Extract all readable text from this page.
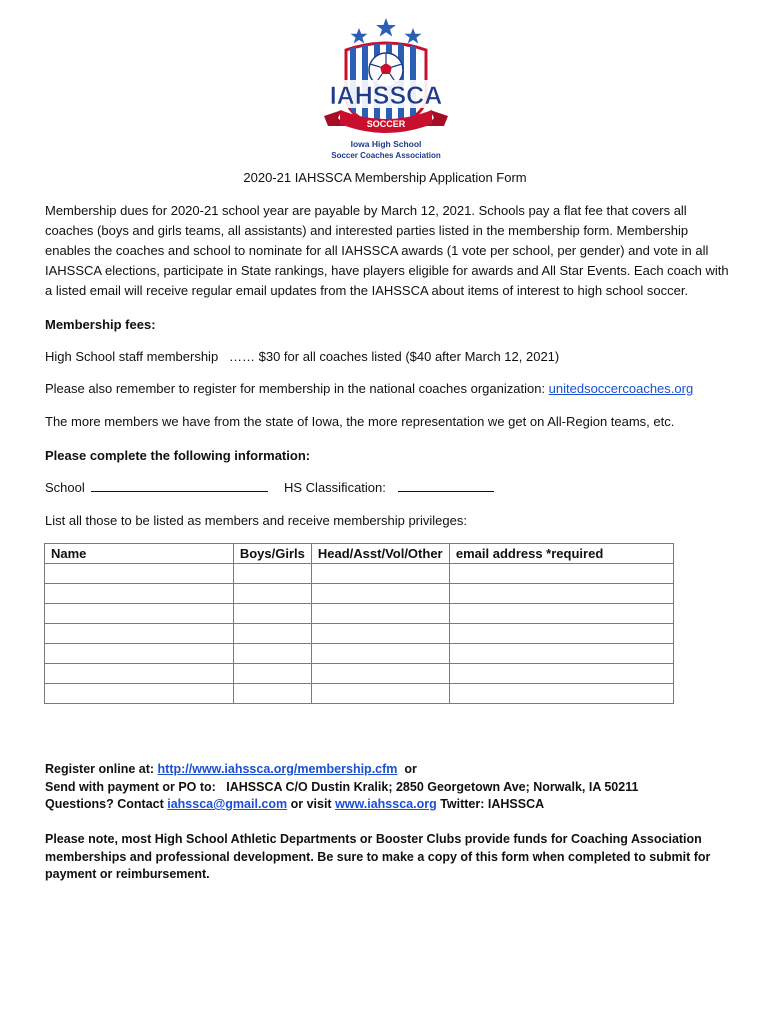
IAHSSCA
SOCCER
Iowa High School
Soccer Coaches Association
2020-21 IAHSSCA Membership Application Form

Membership dues for 2020-21 school year are payable by March 12, 2021. Schools pay a flat fee that covers all coaches (boys and girls teams, all assistants) and interested parties listed in the membership form. Membership enables the coaches and school to nominate for all IAHSSCA awards (1 vote per school, per gender) and vote in all IAHSSCA elections, participate in State rankings, have players eligible for awards and All Star Events. Each coach with a listed email will receive regular email updates from the IAHSSCA about items of interest to high school soccer.

Membership fees:

High School staff membership   …… $30 for all coaches listed ($40 after March 12, 2021)

Please also remember to register for membership in the national coaches organization: unitedsoccercoaches.org

The more members we have from the state of Iowa, the more representation we get on All-Region teams, etc.

Please complete the following information:

School	HS Classification:

List all those to be listed as members and receive membership privileges:

Name	Boys/Girls	Head/Asst/Vol/Other	email address *required

Register online at: http://www.iahssca.org/membership.cfm  or
Send with payment or PO to:   IAHSSCA C/O Dustin Kralik; 2850 Georgetown Ave; Norwalk, IA 50211
Questions? Contact iahssca@gmail.com or visit www.iahssca.org Twitter: IAHSSCA

Please note, most High School Athletic Departments or Booster Clubs provide funds for Coaching Association memberships and professional development. Be sure to make a copy of this form when completed to submit for payment or reimbursement.
